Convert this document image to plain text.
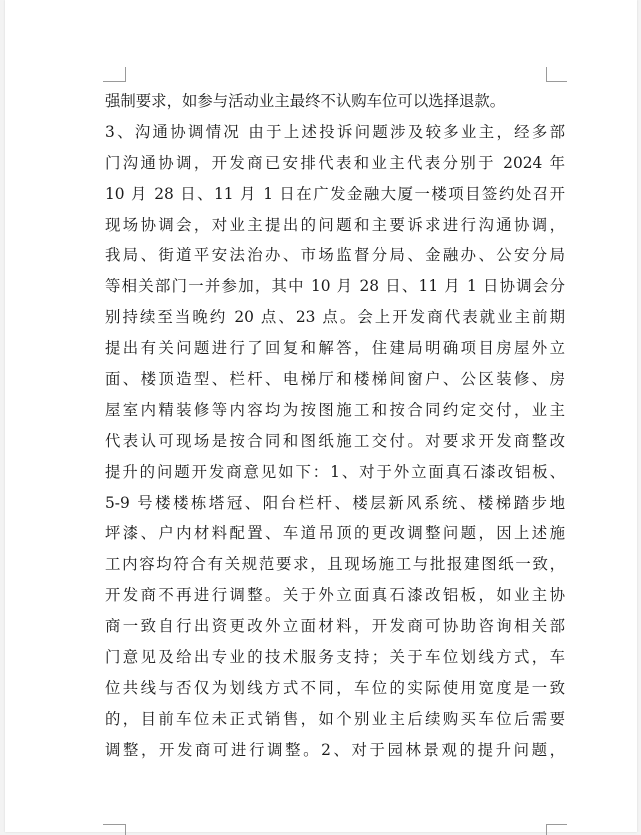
强制要求，如参与活动业主最终不认购车位可以选择退款。
3、沟通协调情况 由于上述投诉问题涉及较多业主，经多部
门沟通协调，开发商已安排代表和业主代表分别于 2024 年
10 月 28 日、11 月 1 日在广发金融大厦一楼项目签约处召开
现场协调会，对业主提出的问题和主要诉求进行沟通协调，
我局、街道平安法治办、市场监督分局、金融办、公安分局
等相关部门一并参加，其中 10 月 28 日、11 月 1 日协调会分
别持续至当晚约 20 点、23 点。会上开发商代表就业主前期
提出有关问题进行了回复和解答，住建局明确项目房屋外立
面、楼顶造型、栏杆、电梯厅和楼梯间窗户、公区装修、房
屋室内精装修等内容均为按图施工和按合同约定交付，业主
代表认可现场是按合同和图纸施工交付。对要求开发商整改
提升的问题开发商意见如下：1、对于外立面真石漆改铝板、
5-9 号楼楼栋塔冠、阳台栏杆、楼层新风系统、楼梯踏步地
坪漆、户内材料配置、车道吊顶的更改调整问题，因上述施
工内容均符合有关规范要求，且现场施工与批报建图纸一致，
开发商不再进行调整。关于外立面真石漆改铝板，如业主协
商一致自行出资更改外立面材料，开发商可协助咨询相关部
门意见及给出专业的技术服务支持；关于车位划线方式，车
位共线与否仅为划线方式不同，车位的实际使用宽度是一致
的，目前车位未正式销售，如个别业主后续购买车位后需要
调整，开发商可进行调整。2、对于园林景观的提升问题，
